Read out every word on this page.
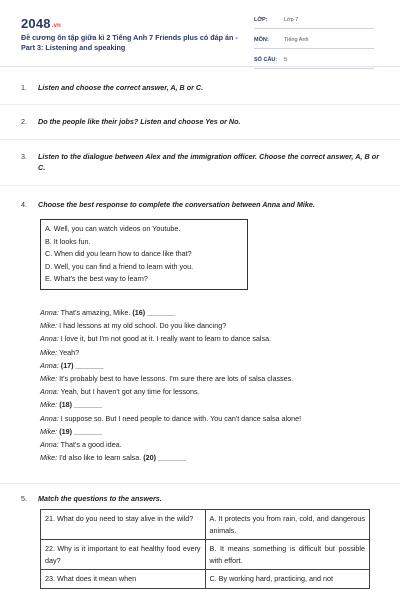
2048.vn
Đề cương ôn tập giữa kì 2 Tiếng Anh 7 Friends plus có đáp án - Part 3: Listening and speaking
LỚP:	Lớp 7
MÔN:	Tiếng Anh
SỐ CÂU: 5
1. Listen and choose the correct answer, A, B or C.
2. Do the people like their jobs? Listen and choose Yes or No.
3. Listen to the dialogue between Alex and the immigration officer. Choose the correct answer, A, B or C.
4. Choose the best response to complete the conversation between Anna and Mike.
A. Well, you can watch videos on Youtube.
B. It looks fun.
C. When did you learn how to dance like that?
D. Well, you can find a friend to learn with you.
E. What's the best way to learn?
Anna: That's amazing, Mike. (16) _______
Mike: I had lessons at my old school. Do you like dancing?
Anna: I love it, but I'm not good at it. I really want to learn to dance salsa.
Mike: Yeah?
Anna: (17) _______
Mike: It's probably best to have lessons. I'm sure there are lots of salsa classes.
Anna: Yeah, but I haven't got any time for lessons.
Mike: (18) _______
Anna: I suppose so. But I need people to dance with. You can't dance salsa alone!
Mike: (19) _______
Anna: That's a good idea.
Mike: I'd also like to learn salsa. (20) _______
5. Match the questions to the answers.
21. What do you need to stay alive in the wild?	A. It protects you from rain, cold, and dangerous animals.
22. Why is it important to eat healthy food every day?	B. It means something is difficult but possible with effort.
23. What does it mean when	C. By working hard, practicing, and not
